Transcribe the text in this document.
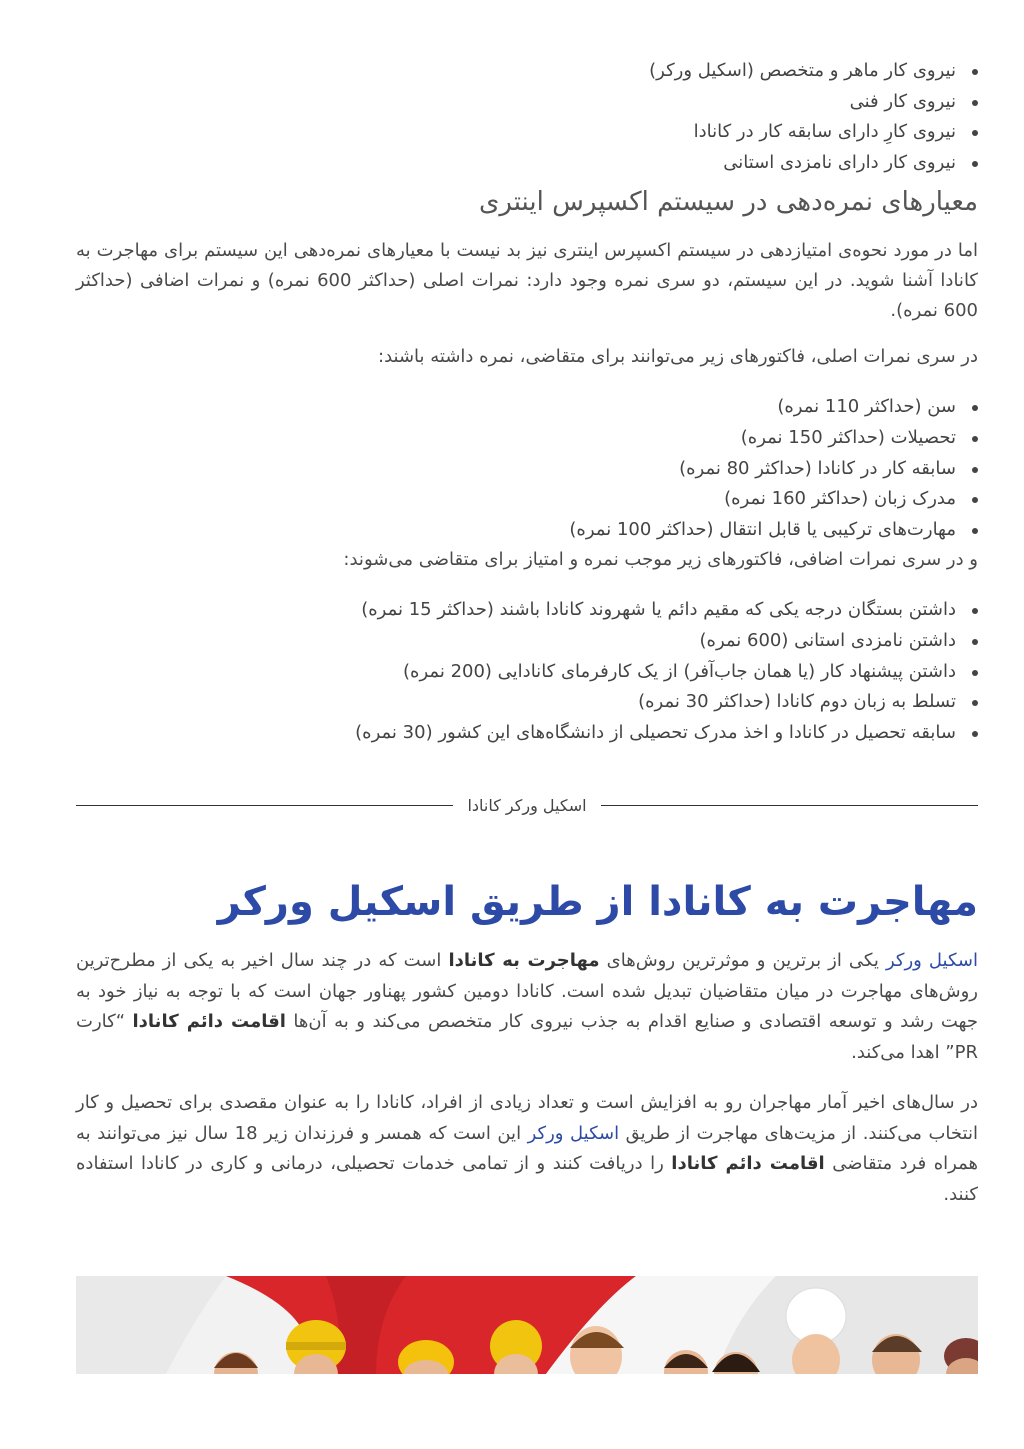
نیروی کار ماهر و متخصص (اسکیل ورکر)
نیروی کار فنی
نیروی کارِ دارای سابقه کار در کانادا
نیروی کار دارای نامزدی استانی
معیارهای نمره‌دهی در سیستم اکسپرس اینتری

اما در مورد نحوه‌ی امتیازدهی در سیستم اکسپرس اینتری نیز بد نیست با معیارهای نمره‌دهی این سیستم برای مهاجرت به کانادا آشنا شوید. در این سیستم، دو سری نمره وجود دارد: نمرات اصلی (حداکثر 600 نمره) و نمرات اضافی (حداکثر 600 نمره).

در سری نمرات اصلی، فاکتورهای زیر می‌توانند برای متقاضی، نمره داشته باشند:

سن (حداکثر 110 نمره)
تحصیلات (حداکثر 150 نمره)
سابقه کار در کانادا (حداکثر 80 نمره)
مدرک زبان (حداکثر 160 نمره)
مهارت‌های ترکیبی یا قابل انتقال (حداکثر 100 نمره)

و در سری نمرات اضافی، فاکتورهای زیر موجب نمره و امتیاز برای متقاضی می‌شوند:

داشتن بستگان درجه یکی که مقیم دائم یا شهروند کانادا باشند (حداکثر 15 نمره)
داشتن نامزدی استانی (600 نمره)
داشتن پیشنهاد کار (یا همان جاب‌آفر) از یک کارفرمای کانادایی (200 نمره)
تسلط به زبان دوم کانادا (حداکثر 30 نمره)
سابقه تحصیل در کانادا و اخذ مدرک تحصیلی از دانشگاه‌های این کشور (30 نمره)
اسکیل ورکر کانادا
مهاجرت به کانادا از طریق اسکیل ورکر

اسکیل ورکر یکی از برترین و موثرترین روش‌های مهاجرت به کانادا است که در چند سال اخیر به یکی از مطرح‌ترین روش‌های مهاجرت در میان متقاضیان تبدیل شده است. کانادا دومین کشور پهناور جهان است که با توجه به نیاز خود به جهت رشد و توسعه اقتصادی و صنایع اقدام به جذب نیروی کار متخصص می‌کند و به آن‌ها اقامت دائم کانادا “کارت PR” اهدا می‌کند.

در سال‌های اخیر آمار مهاجران رو به افزایش است و تعداد زیادی از افراد، کانادا را به عنوان مقصدی برای تحصیل و کار انتخاب می‌کنند. از مزیت‌های مهاجرت از طریق اسکیل ورکر این است که همسر و فرزندان زیر 18 سال نیز می‌توانند به همراه فرد متقاضی اقامت دائم کانادا را دریافت کنند و از تمامی خدمات تحصیلی، درمانی و کاری در کانادا استفاده کنند.
